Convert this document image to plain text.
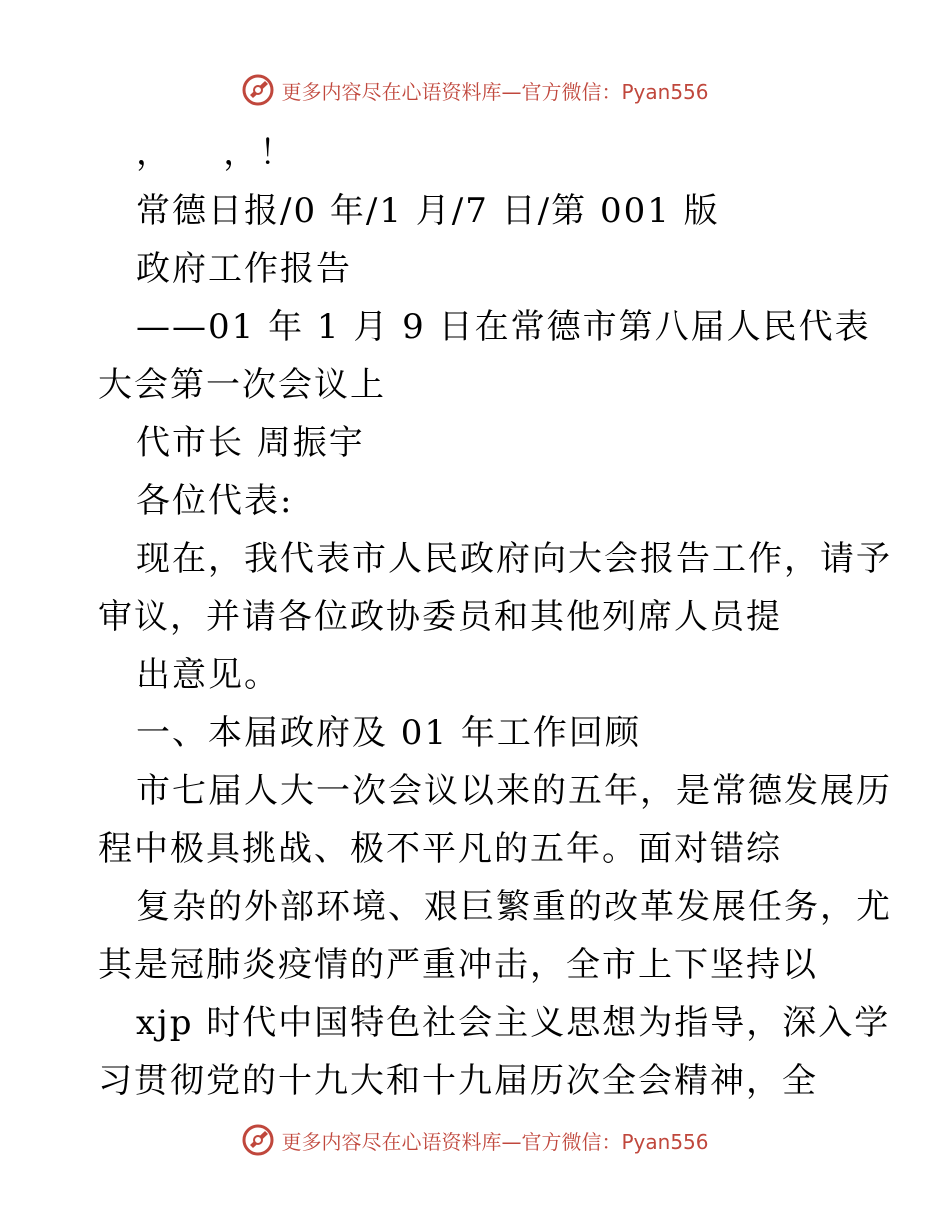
更多内容尽在心语资料库—官方微信：Pyan556
，    ，！
常德日报/0 年/1 月/7 日/第 001 版
政府工作报告
——01 年 1 月 9 日在常德市第八届人民代表
大会第一次会议上
代市长 周振宇
各位代表:
现在，我代表市人民政府向大会报告工作，请予
审议，并请各位政协委员和其他列席人员提
出意见。
一、本届政府及 01 年工作回顾
市七届人大一次会议以来的五年，是常德发展历
程中极具挑战、极不平凡的五年。面对错综
复杂的外部环境、艰巨繁重的改革发展任务，尤
其是冠肺炎疫情的严重冲击，全市上下坚持以
xjp 时代中国特色社会主义思想为指导，深入学
习贯彻党的十九大和十九届历次全会精神，全
更多内容尽在心语资料库—官方微信：Pyan556
